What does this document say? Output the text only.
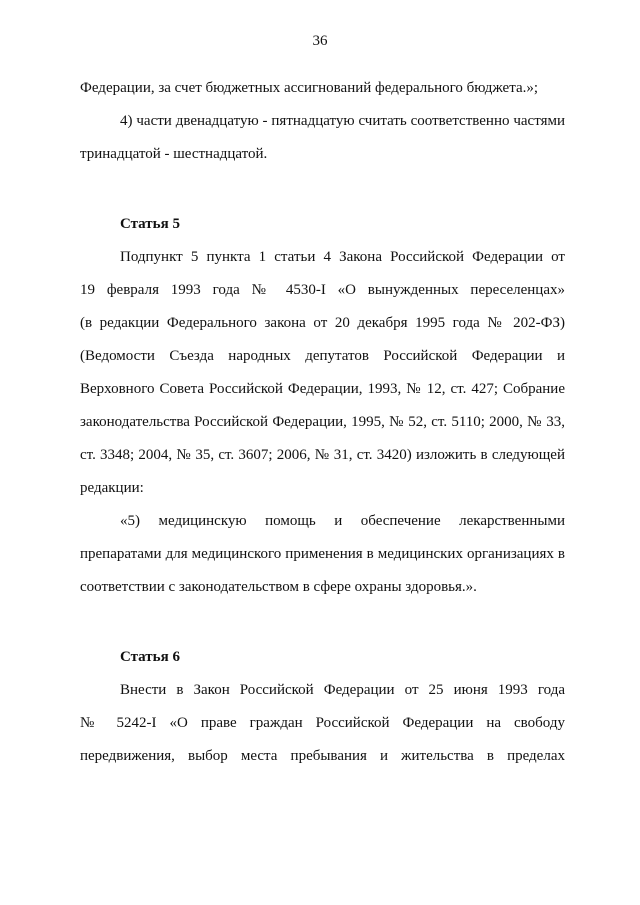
36

Федерации, за счет бюджетных ассигнований федерального бюджета.»;

4) части двенадцатую - пятнадцатую считать соответственно частями
тринадцатой - шестнадцатой.

Статья 5

Подпункт 5 пункта 1 статьи 4 Закона Российской Федерации от
19 февраля 1993 года № 4530-I «О вынужденных переселенцах»
(в редакции Федерального закона от 20 декабря 1995 года № 202-ФЗ)
(Ведомости Съезда народных депутатов Российской Федерации и
Верховного Совета Российской Федерации, 1993, № 12, ст. 427; Собрание
законодательства Российской Федерации, 1995, № 52, ст. 5110; 2000, № 33,
ст. 3348; 2004, № 35, ст. 3607; 2006, № 31, ст. 3420) изложить в следующей
редакции:

«5) медицинскую помощь и обеспечение лекарственными
препаратами для медицинского применения в медицинских организациях в
соответствии с законодательством в сфере охраны здоровья.».

Статья 6

Внести в Закон Российской Федерации от 25 июня 1993 года
№ 5242-I «О праве граждан Российской Федерации на свободу
передвижения, выбор места пребывания и жительства в пределах
